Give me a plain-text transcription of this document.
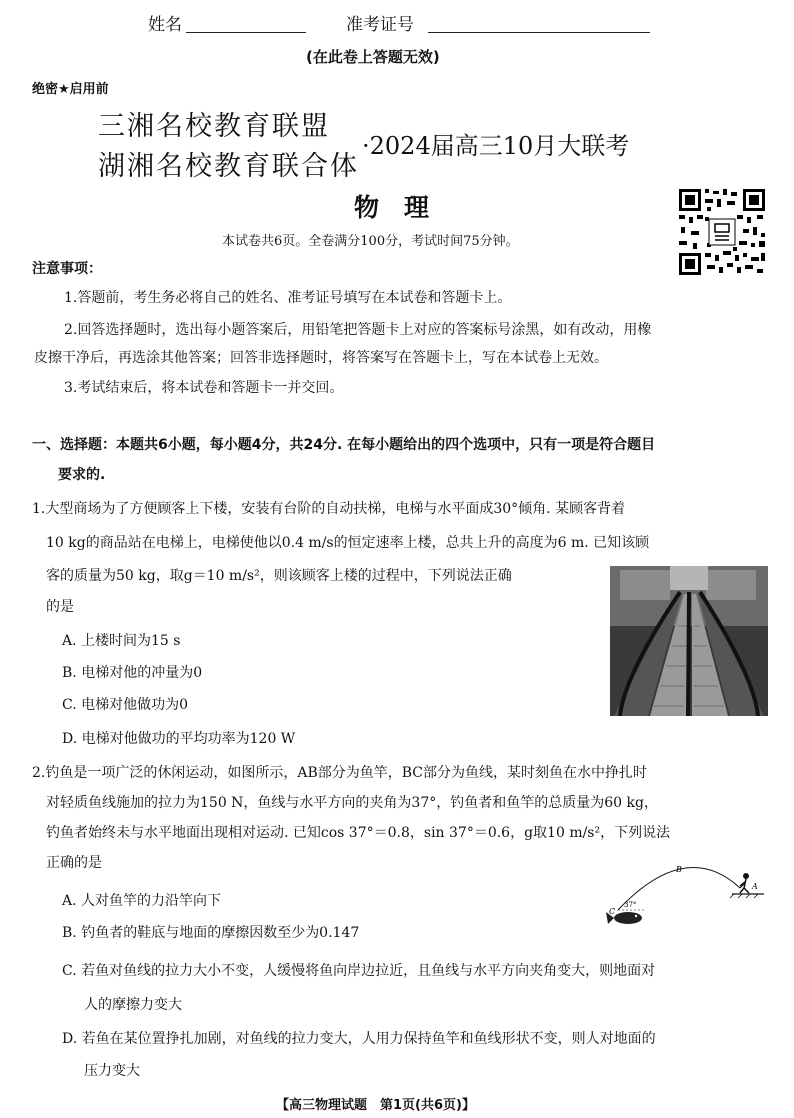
姓名	准考证号
(在此卷上答题无效)
绝密★启用前
三湘名校教育联盟
湖湘名校教育联合体
·2024届高三10月大联考
物　理
本试卷共6页。全卷满分100分，考试时间75分钟。
注意事项：
1.答题前，考生务必将自己的姓名、准考证号填写在本试卷和答题卡上。
2.回答选择题时，选出每小题答案后，用铅笔把答题卡上对应的答案标号涂黑，如有改动，用橡
皮擦干净后，再选涂其他答案；回答非选择题时，将答案写在答题卡上，写在本试卷上无效。
3.考试结束后，将本试卷和答题卡一并交回。
一、选择题：本题共6小题，每小题4分，共24分. 在每小题给出的四个选项中，只有一项是符合题目
要求的.
1.大型商场为了方便顾客上下楼，安装有台阶的自动扶梯，电梯与水平面成30°倾角. 某顾客背着
10 kg的商品站在电梯上，电梯使他以0.4 m/s的恒定速率上楼，总共上升的高度为6 m. 已知该顾
客的质量为50 kg，取g＝10 m/s²，则该顾客上楼的过程中，下列说法正确
的是
A. 上楼时间为15 s
B. 电梯对他的冲量为0
C. 电梯对他做功为0
D. 电梯对他做功的平均功率为120 W
2.钓鱼是一项广泛的休闲运动，如图所示，AB部分为鱼竿，BC部分为鱼线，某时刻鱼在水中挣扎时
对轻质鱼线施加的拉力为150 N，鱼线与水平方向的夹角为37°，钓鱼者和鱼竿的总质量为60 kg，
钓鱼者始终未与水平地面出现相对运动. 已知cos 37°＝0.8，sin 37°＝0.6，g取10 m/s²，下列说法
正确的是
A. 人对鱼竿的力沿竿向下
B. 钓鱼者的鞋底与地面的摩擦因数至少为0.147
C. 若鱼对鱼线的拉力大小不变，人缓慢将鱼向岸边拉近，且鱼线与水平方向夹角变大，则地面对
人的摩擦力变大
D. 若鱼在某位置挣扎加剧，对鱼线的拉力变大，人用力保持鱼竿和鱼线形状不变，则人对地面的
压力变大
B
C
A
37°
【高三物理试题　第1页(共6页)】
